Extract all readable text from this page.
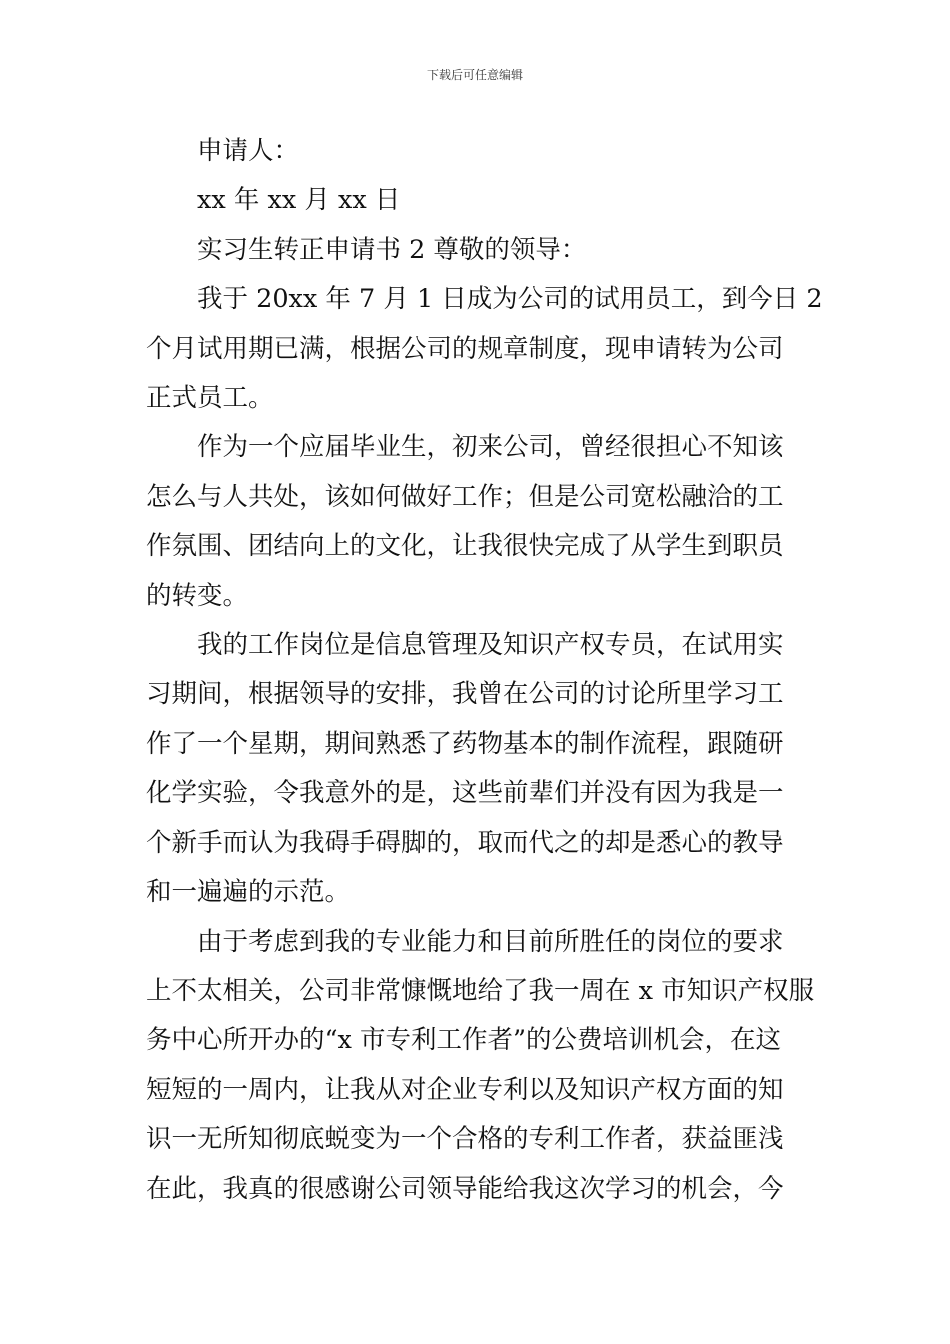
下载后可任意编辑
申请人：
xx 年 xx 月 xx 日
实习生转正申请书 2 尊敬的领导：
我于 20xx 年 7 月 1 日成为公司的试用员工，到今日 2
个月试用期已满，根据公司的规章制度，现申请转为公司
正式员工。
作为一个应届毕业生，初来公司，曾经很担心不知该
怎么与人共处，该如何做好工作；但是公司宽松融洽的工
作氛围、团结向上的文化，让我很快完成了从学生到职员
的转变。
我的工作岗位是信息管理及知识产权专员，在试用实
习期间，根据领导的安排，我曾在公司的讨论所里学习工
作了一个星期，期间熟悉了药物基本的制作流程，跟随研
化学实验，令我意外的是，这些前辈们并没有因为我是一
个新手而认为我碍手碍脚的，取而代之的却是悉心的教导
和一遍遍的示范。
由于考虑到我的专业能力和目前所胜任的岗位的要求
上不太相关，公司非常慷慨地给了我一周在 x 市知识产权服
务中心所开办的“x 市专利工作者”的公费培训机会，在这
短短的一周内，让我从对企业专利以及知识产权方面的知
识一无所知彻底蜕变为一个合格的专利工作者，获益匪浅
在此，我真的很感谢公司领导能给我这次学习的机会，今
